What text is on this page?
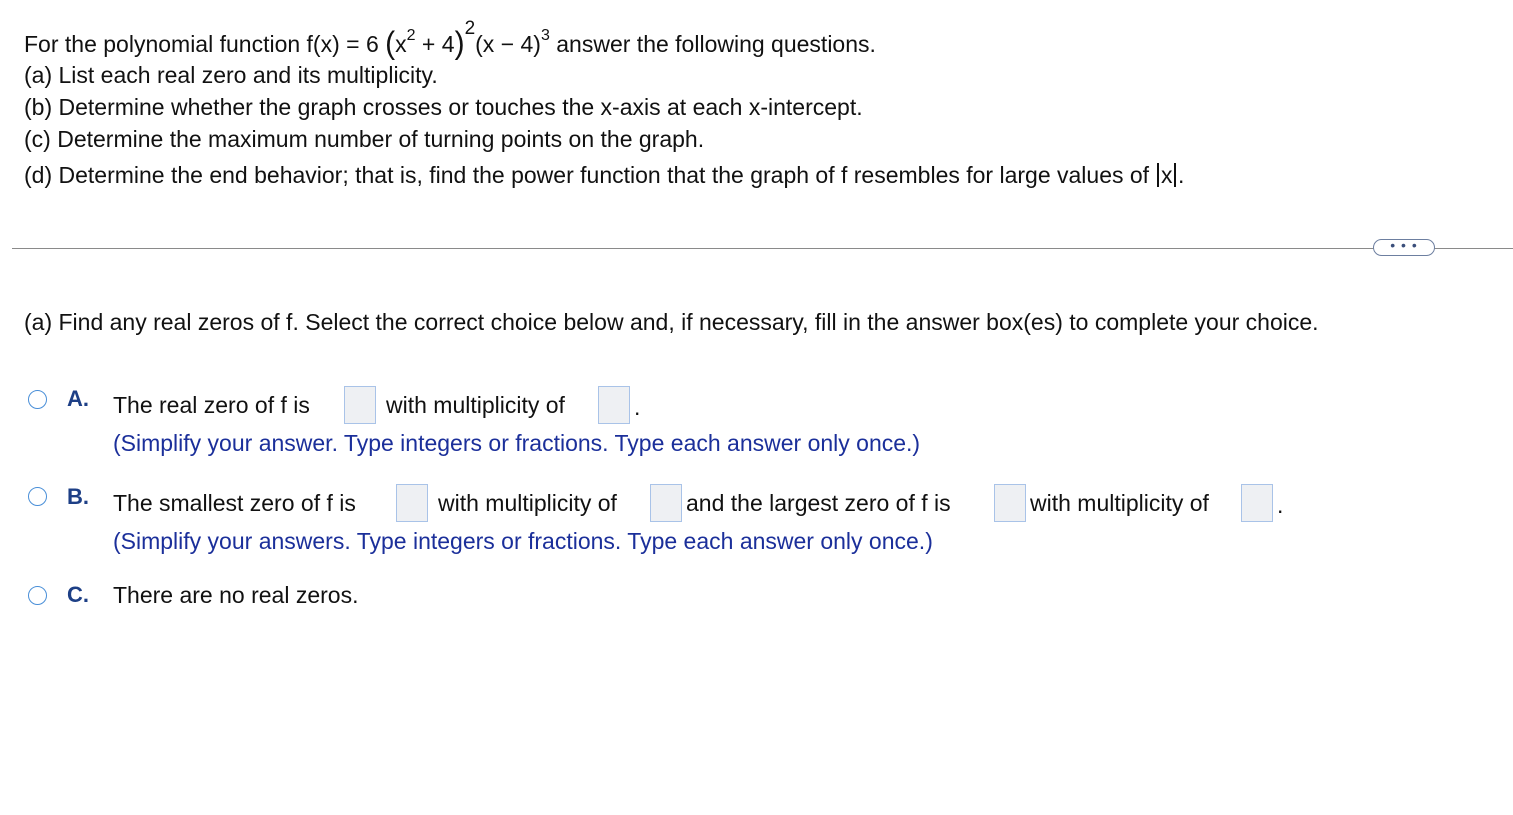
For the polynomial function f(x) = 6 $(x^2 + 4)^2(x - 4)^3$ answer the following questions.
(a) List each real zero and its multiplicity.
(b) Determine whether the graph crosses or touches the x-axis at each x-intercept.
(c) Determine the maximum number of turning points on the graph.
(d) Determine the end behavior; that is, find the power function that the graph of f resembles for large values of x .
• • •
(a) Find any real zeros of f. Select the correct choice below and, if necessary, fill in the answer box(es) to complete your choice.
A. The real zero of f is	with multiplicity of	.
(Simplify your answer. Type integers or fractions. Type each answer only once.)
B. The smallest zero of f is	with multiplicity of	and the largest zero of f is	with multiplicity of	.
(Simplify your answers. Type integers or fractions. Type each answer only once.)
C. There are no real zeros.
